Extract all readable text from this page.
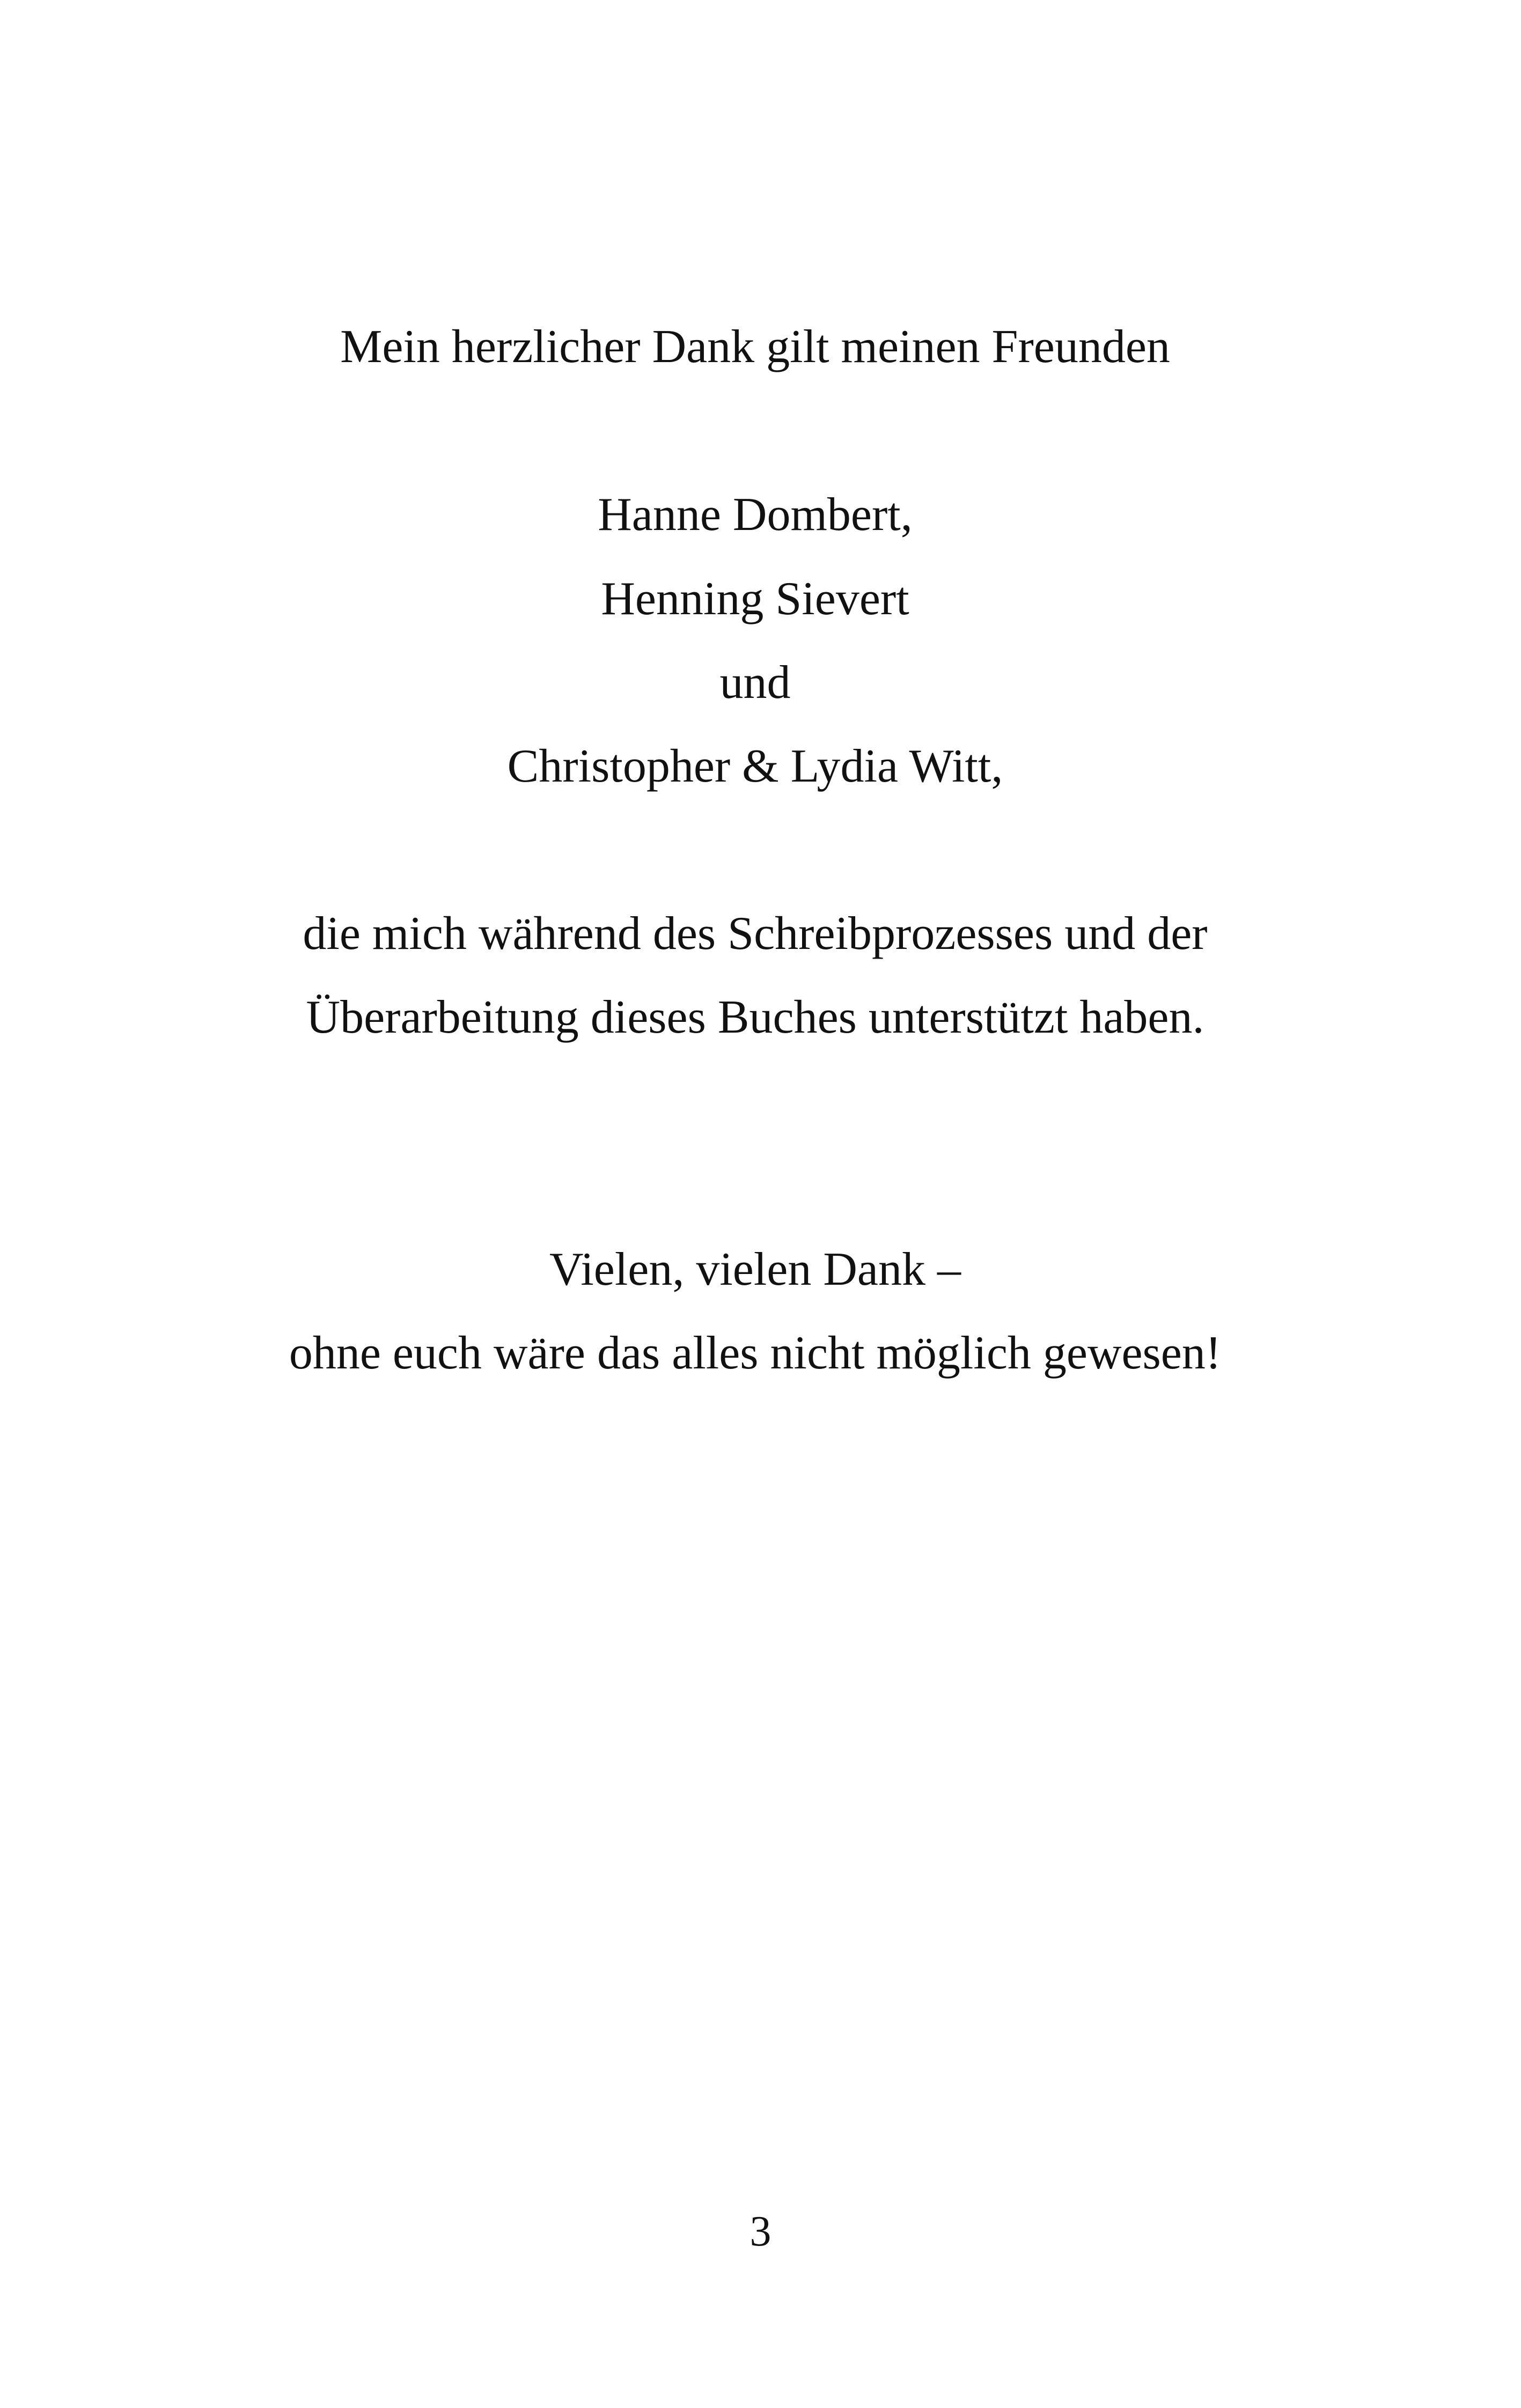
Mein herzlicher Dank gilt meinen Freunden

Hanne Dombert,

Henning Sievert

und

Christopher & Lydia Witt,

die mich während des Schreibprozesses und der

Überarbeitung dieses Buches unterstützt haben.

Vielen, vielen Dank –

ohne euch wäre das alles nicht möglich gewesen!

3
